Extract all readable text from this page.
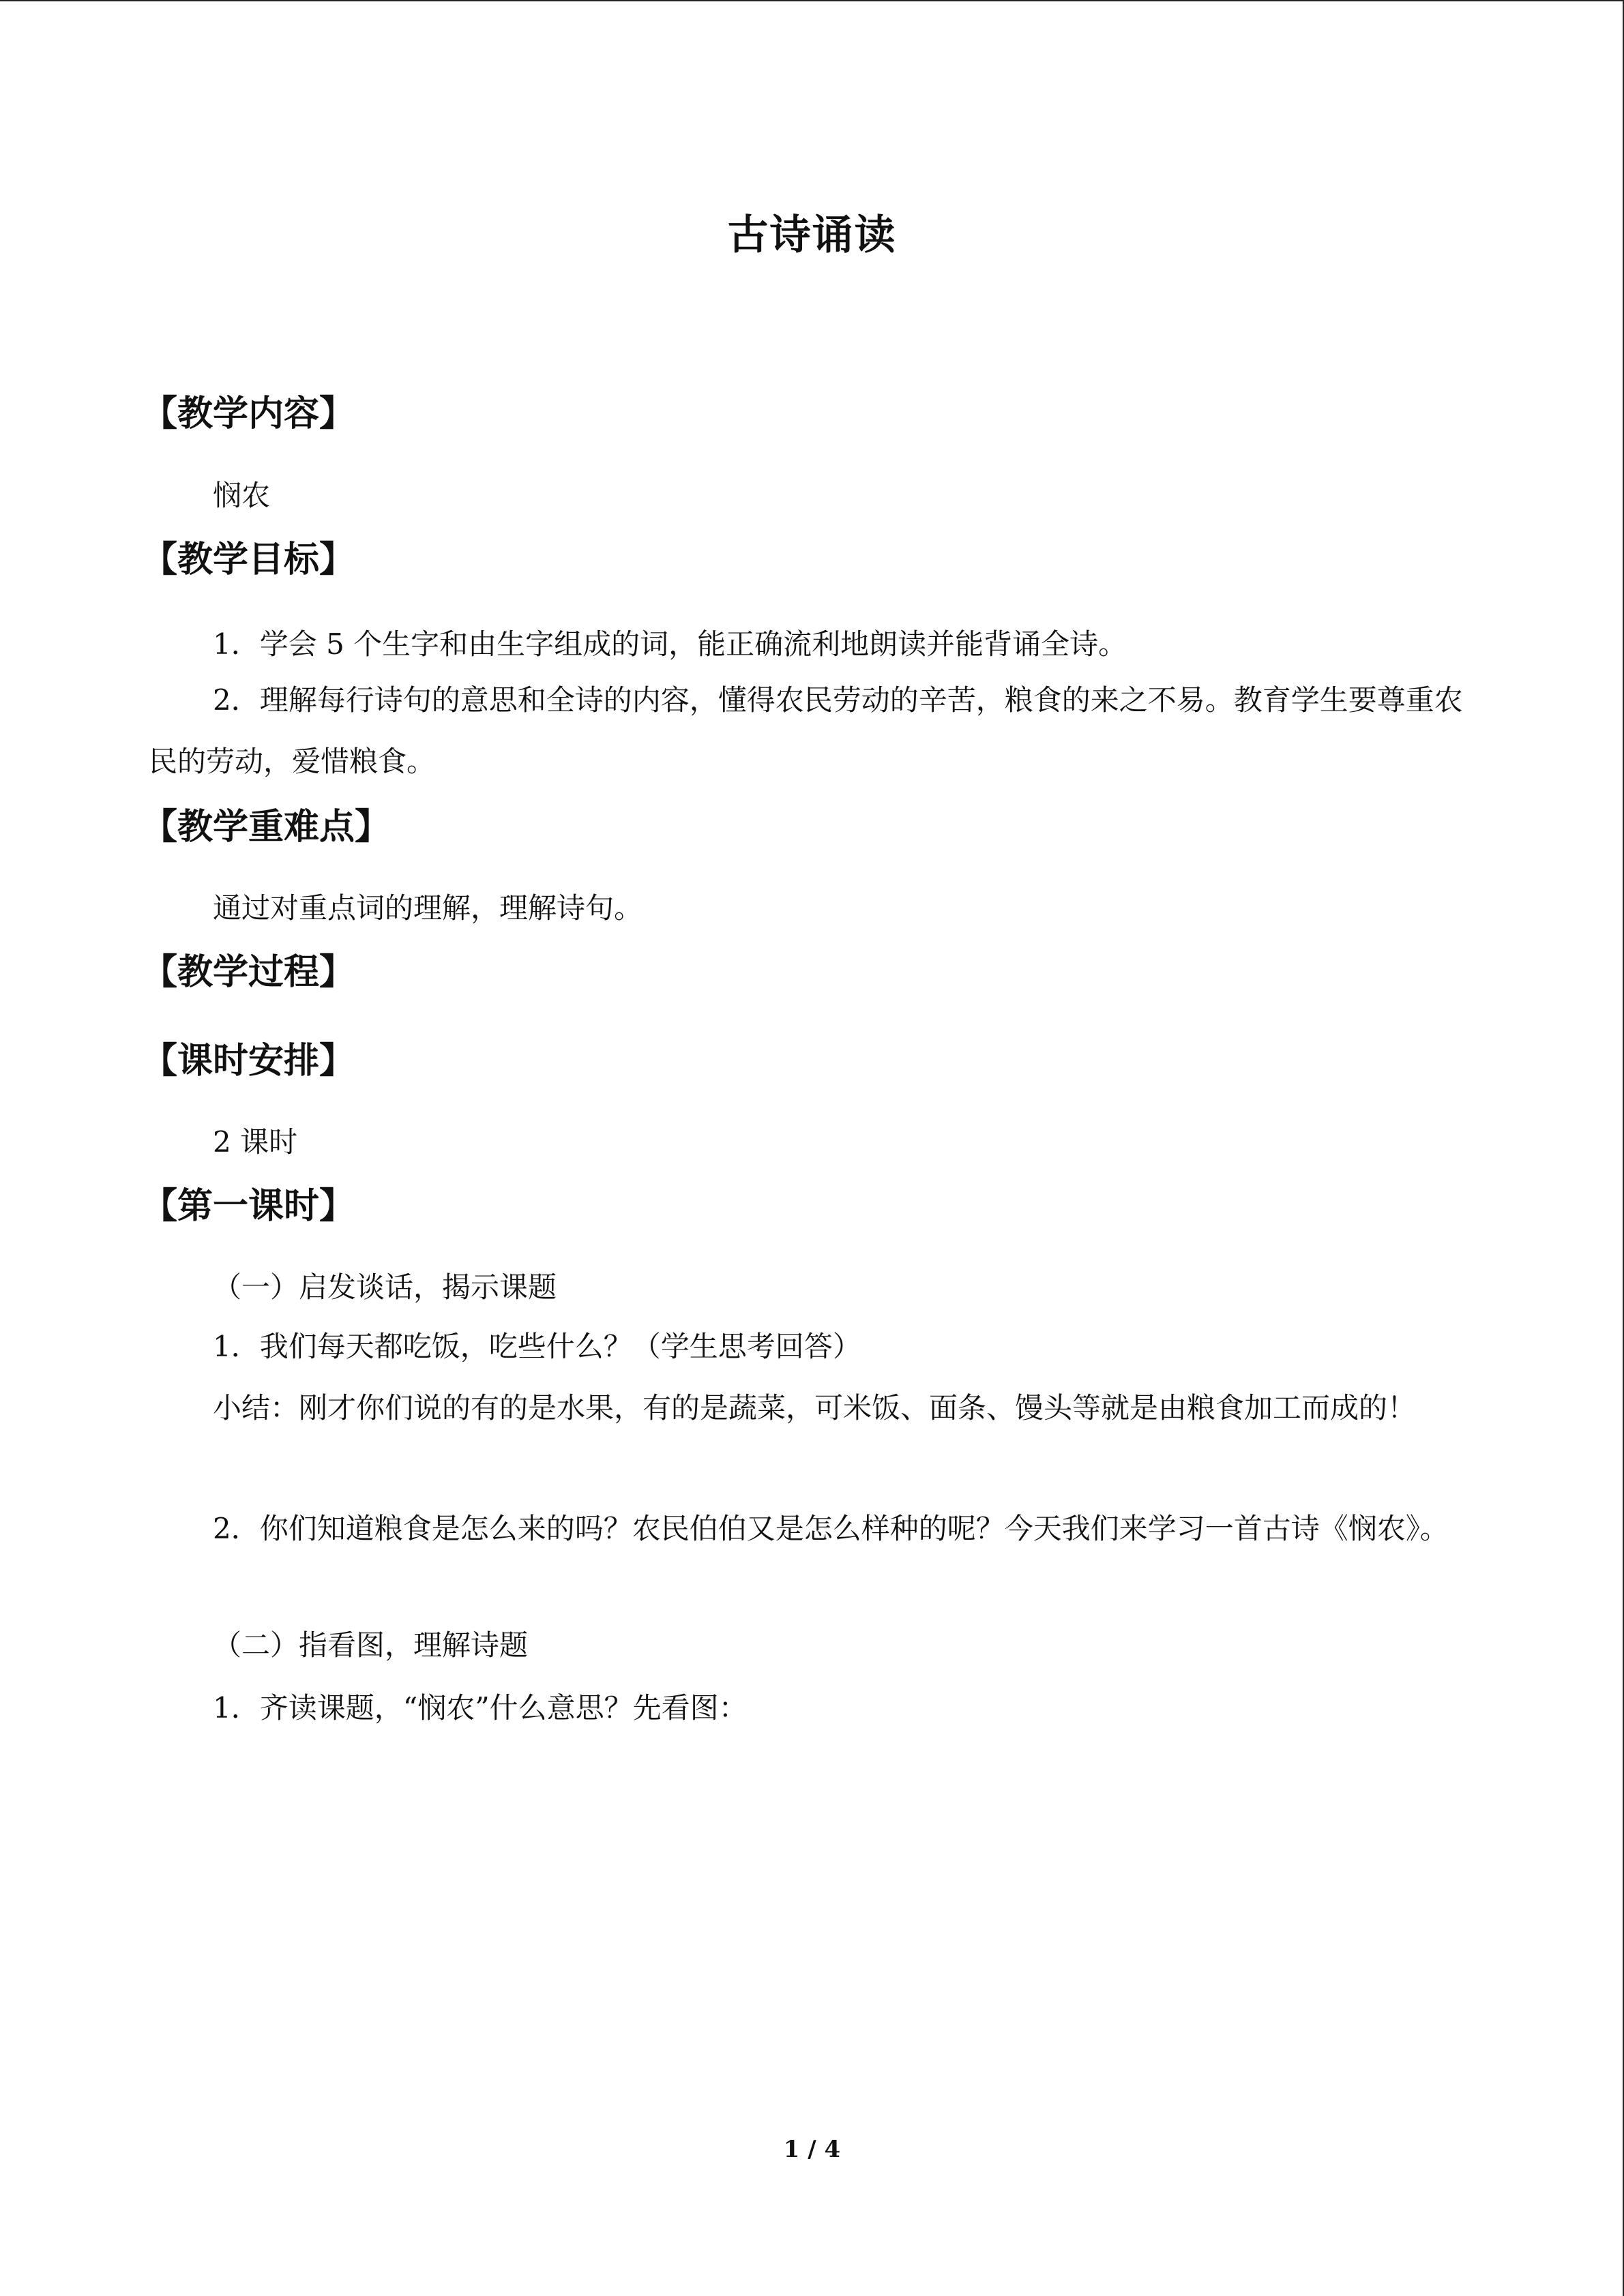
古诗诵读
【教学内容】
悯农
【教学目标】
1．学会 5 个生字和由生字组成的词，能正确流利地朗读并能背诵全诗。
2．理解每行诗句的意思和全诗的内容，懂得农民劳动的辛苦，粮食的来之不易。教育学生要尊重农民的劳动，爱惜粮食。
【教学重难点】
通过对重点词的理解，理解诗句。
【教学过程】
【课时安排】
2 课时
【第一课时】
（一）启发谈话，揭示课题
1．我们每天都吃饭，吃些什么？（学生思考回答）
小结：刚才你们说的有的是水果，有的是蔬菜，可米饭、面条、馒头等就是由粮食加工而成的！
2．你们知道粮食是怎么来的吗？农民伯伯又是怎么样种的呢？今天我们来学习一首古诗《悯农》。
（二）指看图，理解诗题
1．齐读课题，“悯农”什么意思？先看图：
1 / 4
